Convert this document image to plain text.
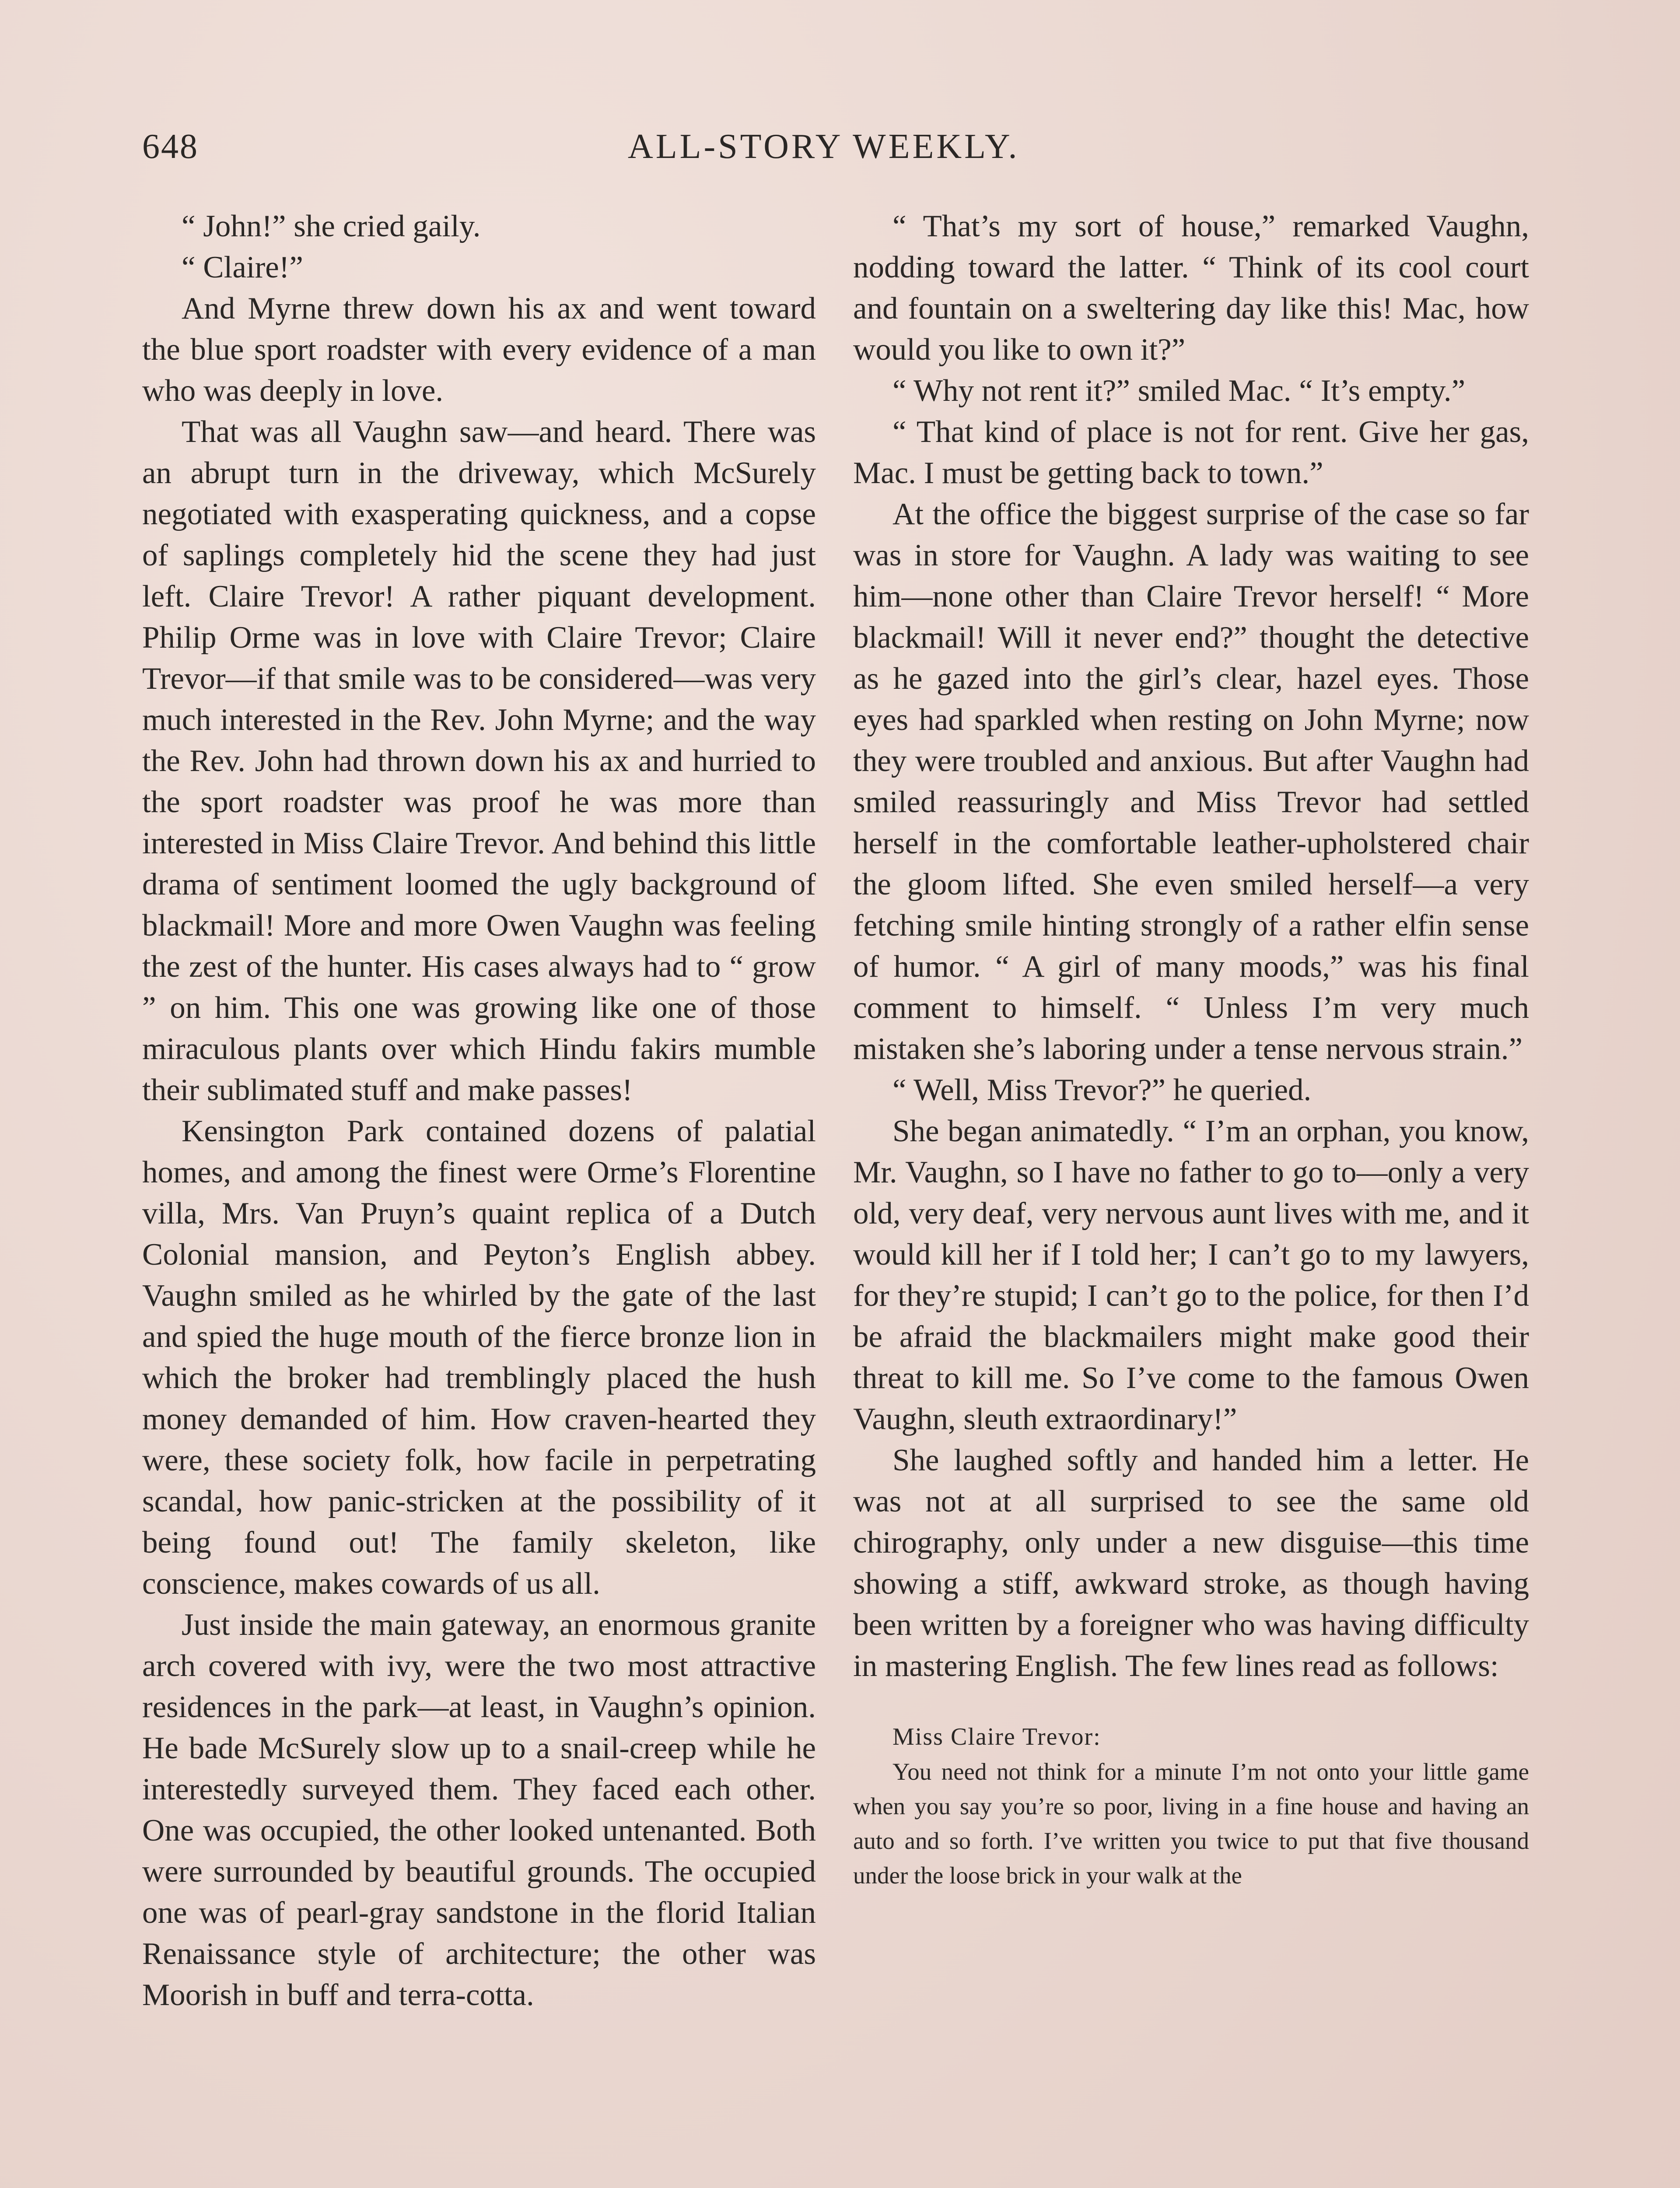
648	ALL-STORY WEEKLY.

“ John!” she cried gaily.

“ Claire!”

And Myrne threw down his ax and went toward the blue sport roadster with every evidence of a man who was deeply in love.

That was all Vaughn saw—and heard. There was an abrupt turn in the driveway, which McSurely negotiated with exasperating quickness, and a copse of saplings completely hid the scene they had just left. Claire Trevor! A rather piquant development. Philip Orme was in love with Claire Trevor; Claire Trevor—if that smile was to be considered—was very much interested in the Rev. John Myrne; and the way the Rev. John had thrown down his ax and hurried to the sport roadster was proof he was more than interested in Miss Claire Trevor. And behind this little drama of sentiment loomed the ugly background of blackmail! More and more Owen Vaughn was feeling the zest of the hunter. His cases always had to “ grow ” on him. This one was growing like one of those miraculous plants over which Hindu fakirs mumble their sublimated stuff and make passes!

Kensington Park contained dozens of palatial homes, and among the finest were Orme’s Florentine villa, Mrs. Van Pruyn’s quaint replica of a Dutch Colonial mansion, and Peyton’s English abbey. Vaughn smiled as he whirled by the gate of the last and spied the huge mouth of the fierce bronze lion in which the broker had tremblingly placed the hush money demanded of him. How craven-hearted they were, these society folk, how facile in perpetrating scandal, how panic-stricken at the possibility of it being found out! The family skeleton, like conscience, makes cowards of us all.

Just inside the main gateway, an enormous granite arch covered with ivy, were the two most attractive residences in the park—at least, in Vaughn’s opinion. He bade McSurely slow up to a snail-creep while he interestedly surveyed them. They faced each other. One was occupied, the other looked untenanted. Both were surrounded by beautiful grounds. The occupied one was of pearl-gray sandstone in the florid Italian Renaissance style of architecture; the other was Moorish in buff and terra-cotta.

“ That’s my sort of house,” remarked Vaughn, nodding toward the latter. “ Think of its cool court and fountain on a sweltering day like this! Mac, how would you like to own it?”

“ Why not rent it?” smiled Mac. “ It’s empty.”

“ That kind of place is not for rent. Give her gas, Mac. I must be getting back to town.”

At the office the biggest surprise of the case so far was in store for Vaughn. A lady was waiting to see him—none other than Claire Trevor herself! “ More blackmail! Will it never end?” thought the detective as he gazed into the girl’s clear, hazel eyes. Those eyes had sparkled when resting on John Myrne; now they were troubled and anxious. But after Vaughn had smiled reassuringly and Miss Trevor had settled herself in the comfortable leather-upholstered chair the gloom lifted. She even smiled herself—a very fetching smile hinting strongly of a rather elfin sense of humor. “ A girl of many moods,” was his final comment to himself. “ Unless I’m very much mistaken she’s laboring under a tense nervous strain.”

“ Well, Miss Trevor?” he queried.

She began animatedly. “ I’m an orphan, you know, Mr. Vaughn, so I have no father to go to—only a very old, very deaf, very nervous aunt lives with me, and it would kill her if I told her; I can’t go to my lawyers, for they’re stupid; I can’t go to the police, for then I’d be afraid the blackmailers might make good their threat to kill me. So I’ve come to the famous Owen Vaughn, sleuth extraordinary!”

She laughed softly and handed him a letter. He was not at all surprised to see the same old chirography, only under a new disguise—this time showing a stiff, awkward stroke, as though having been written by a foreigner who was having difficulty in mastering English. The few lines read as follows:

Miss Claire Trevor:

You need not think for a minute I’m not onto your little game when you say you’re so poor, living in a fine house and having an auto and so forth. I’ve written you twice to put that five thousand under the loose brick in your walk at the
